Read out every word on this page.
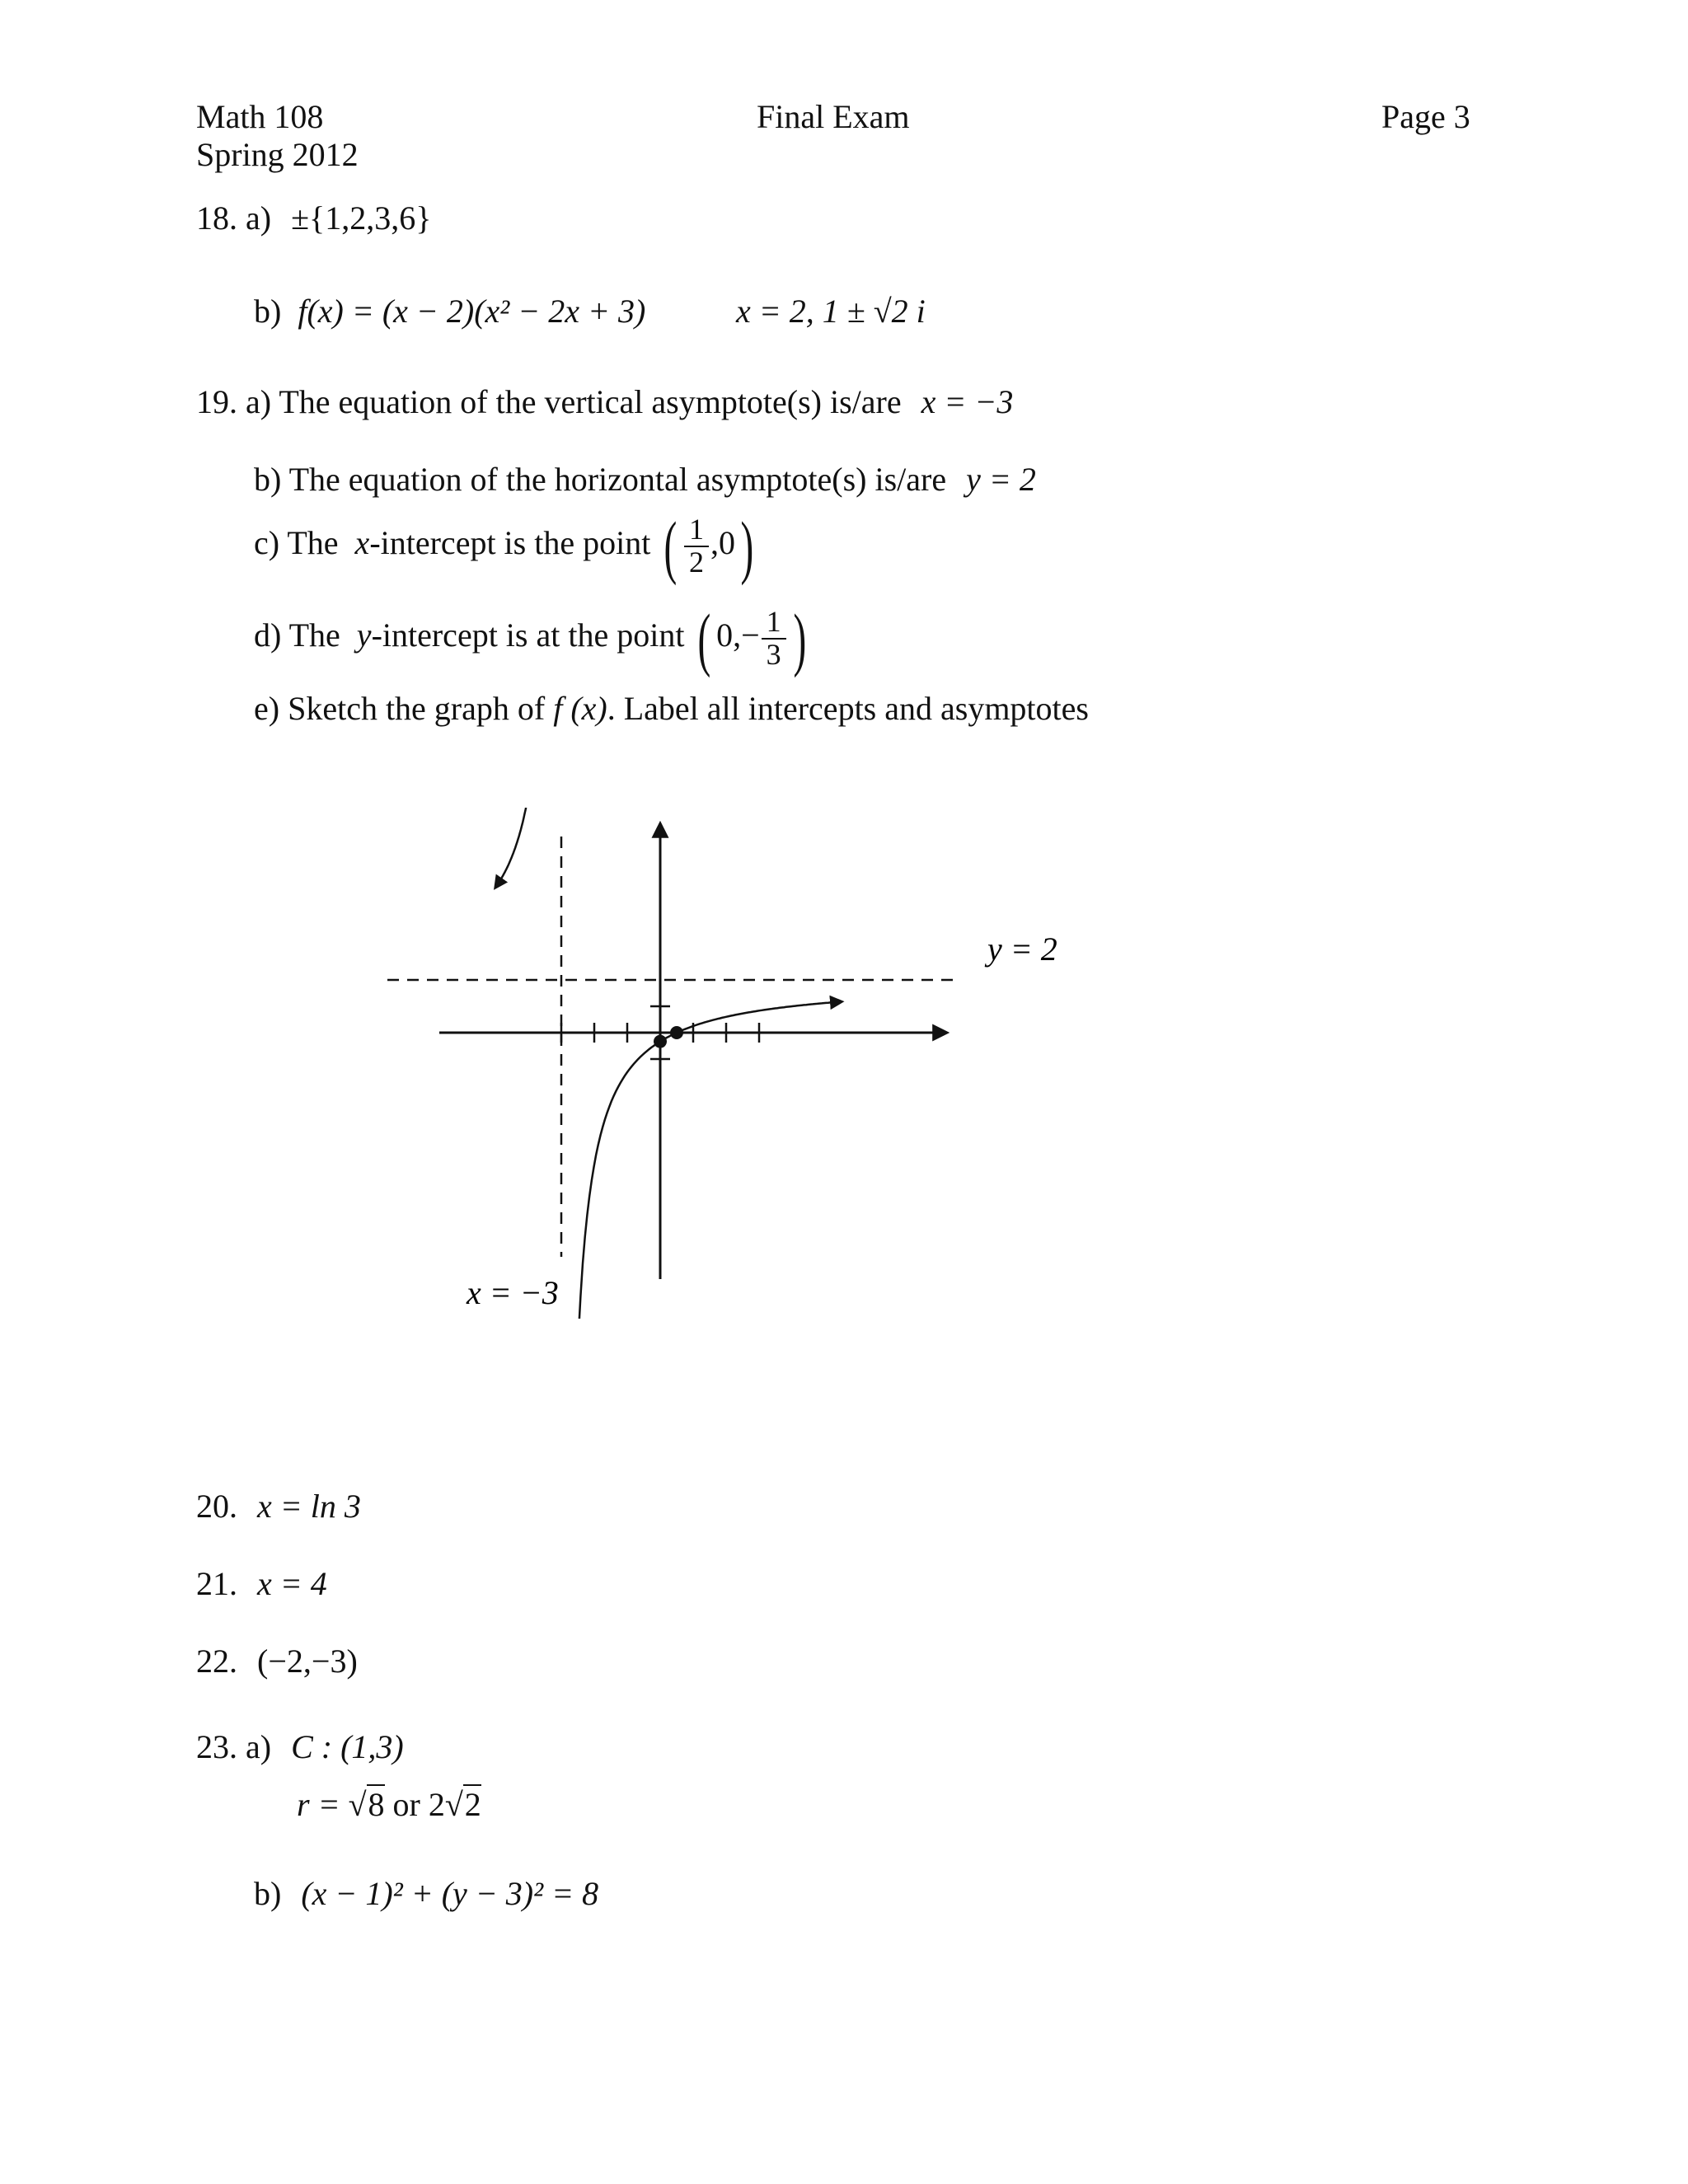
Math 108
Spring 2012
Final Exam	Page 3
18. a) ±{1,2,3,6}
b) f(x) = (x − 2)(x² − 2x + 3)	x = 2, 1 ± √2 i
19. a) The equation of the vertical asymptote(s) is/are x = −3
b) The equation of the horizontal asymptote(s) is/are y = 2
c) The x-intercept is the point ( $\frac{1}{2} ,0$)
d) The y-intercept is at the point ( $0,- \frac{1}{3}$ )
e) Sketch the graph of f (x). Label all intercepts and asymptotes
y = 2
x = −3
20. x = ln 3
21. x = 4
22. (−2,−3)
23. a) C : (1,3)
r = √8 or 2√2
b) (x − 1)² + (y − 3)² = 8
